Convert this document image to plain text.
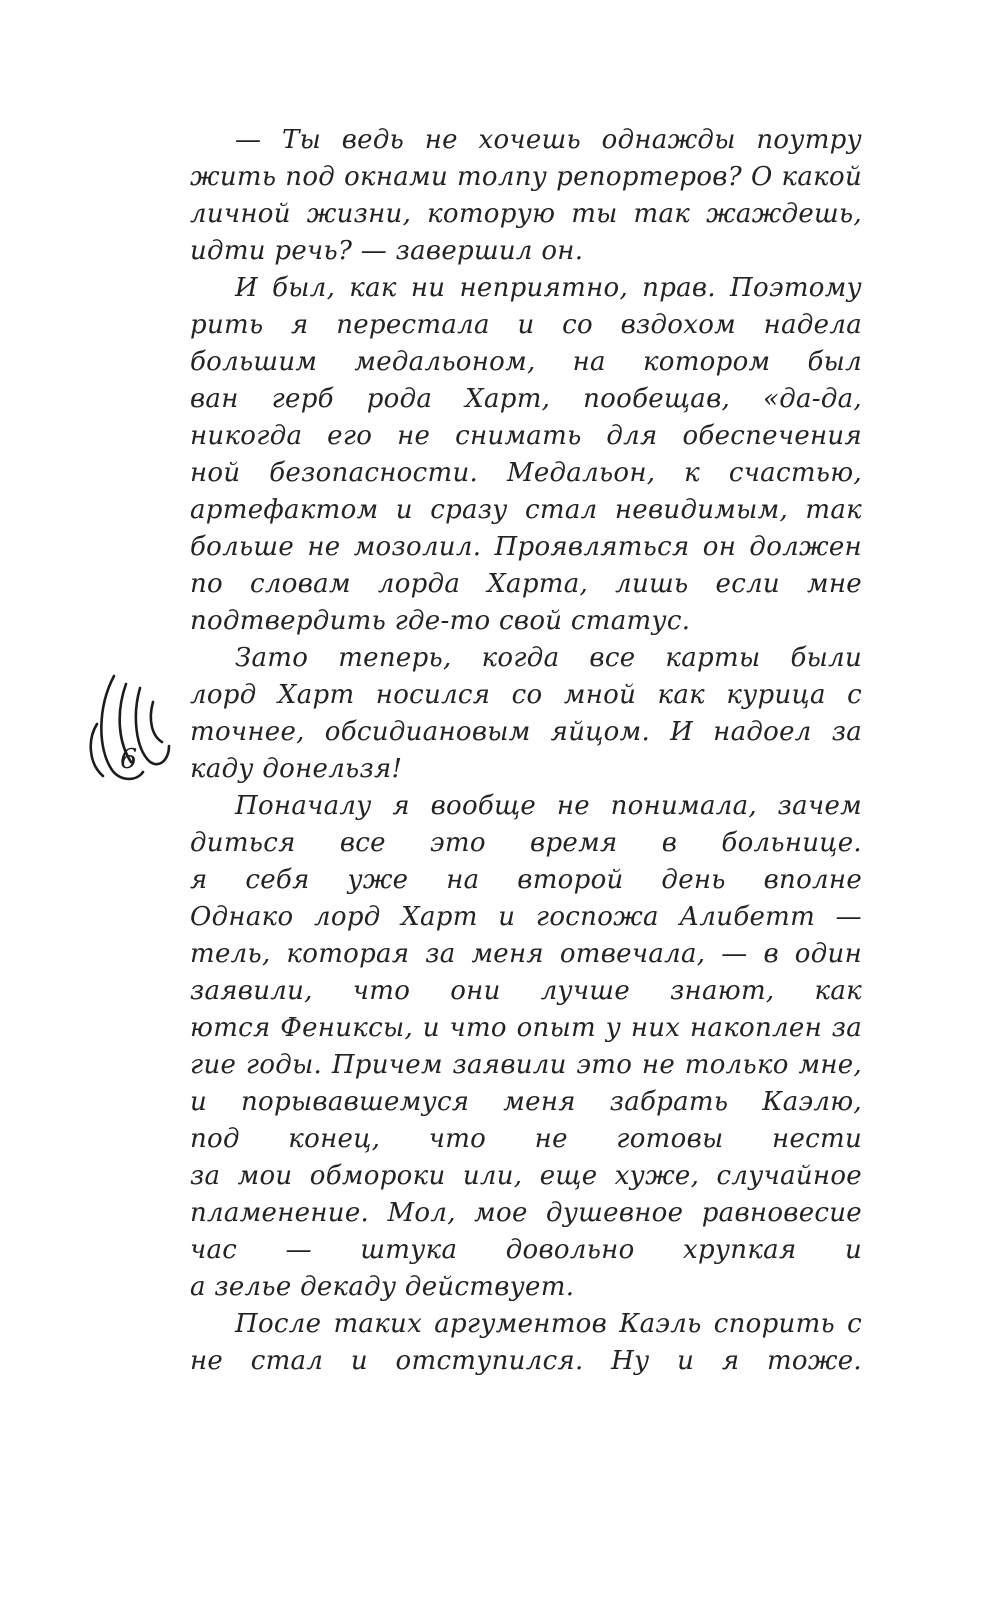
6
— Ты ведь не хочешь однажды поутру
жить под окнами толпу репортеров? О какой
личной жизни, которую ты так жаждешь,
идти речь? — завершил он.
И был, как ни неприятно, прав. Поэтому
рить я перестала и со вздохом надела
большим медальоном, на котором был
ван герб рода Харт, пообещав, «да-да,
никогда его не снимать для обеспечения
ной безопасности. Медальон, к счастью,
артефактом и сразу стал невидимым, так
больше не мозолил. Проявляться он должен
по словам лорда Харта, лишь если мне
подтвердить где-то свой статус.
Зато теперь, когда все карты были
лорд Харт носился со мной как курица с
точнее, обсидиановым яйцом. И надоел за
каду донельзя!
Поначалу я вообще не понимала, зачем
диться все это время в больнице.
я себя уже на второй день вполне
Однако лорд Харт и госпожа Алибетт —
тель, которая за меня отвечала, — в один
заявили, что они лучше знают, как
ются Фениксы, и что опыт у них накоплен за
гие годы. Причем заявили это не только мне,
и порывавшемуся меня забрать Каэлю,
под конец, что не готовы нести
за мои обмороки или, еще хуже, случайное
пламенение. Мол, мое душевное равновесие
час — штука довольно хрупкая и
а зелье декаду действует.
После таких аргументов Каэль спорить с
не стал и отступился. Ну и я тоже.
